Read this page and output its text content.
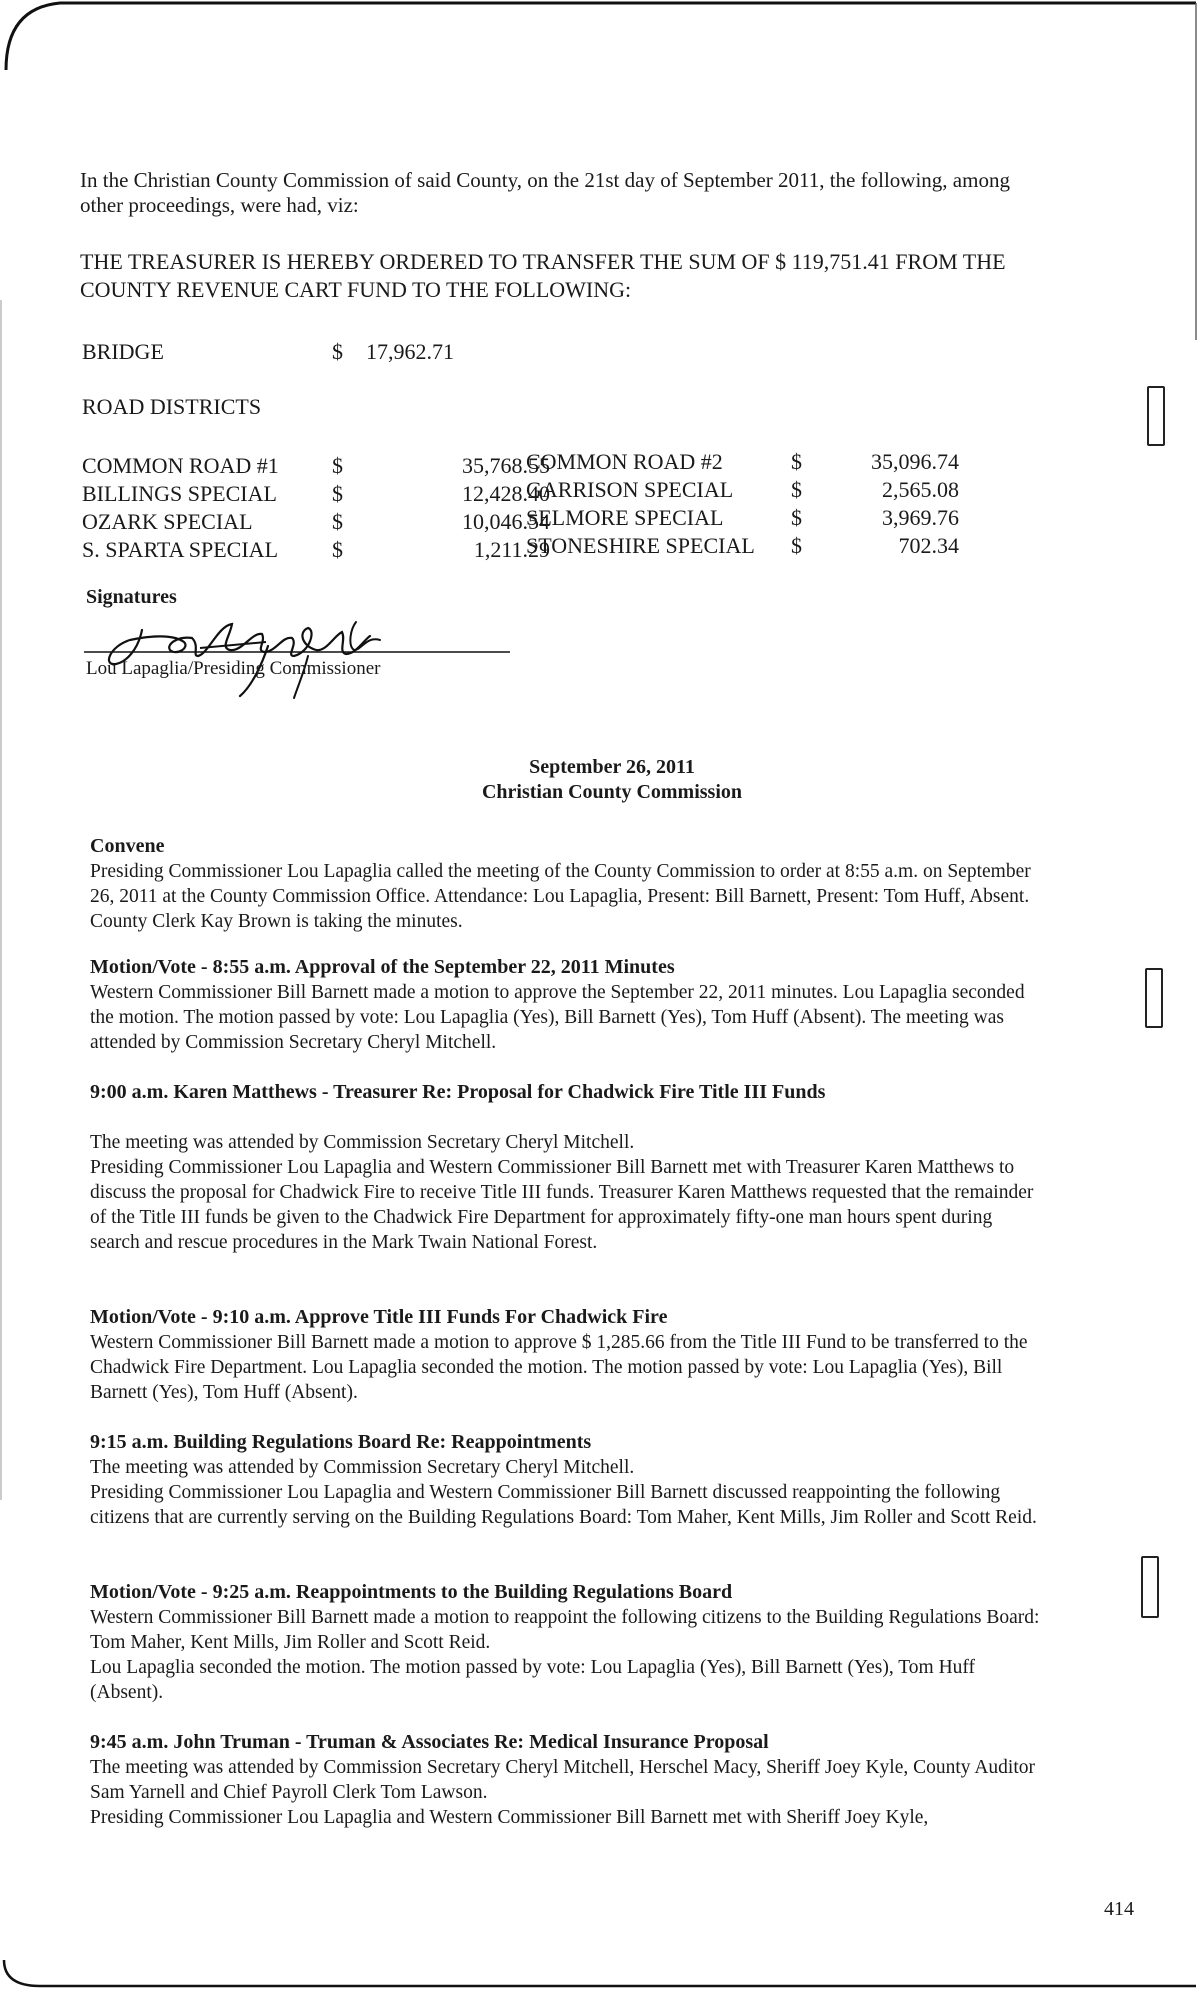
In the Christian County Commission of said County, on the 21st day of September 2011, the following, among other proceedings, were had, viz:
THE TREASURER IS HEREBY ORDERED TO TRANSFER THE SUM OF $ 119,751.41 FROM THE COUNTY REVENUE CART FUND TO THE FOLLOWING:
BRIDGE	$	17,962.71
ROAD DISTRICTS
COMMON ROAD #1 $	35,768.55
BILLINGS SPECIAL	$	12,428.40
OZARK SPECIAL	$	10,046.54
S. SPARTA SPECIAL $	1,211.29
COMMON ROAD #2	$	35,096.74
GARRISON SPECIAL	$	2,565.08
SELMORE SPECIAL	$	3,969.76
STONESHIRE SPECIAL $	702.34
Signatures
Lou Lapaglia/Presiding Commissioner
September 26, 2011
Christian County Commission
Convene

Presiding Commissioner Lou Lapaglia called the meeting of the County Commission to order at 8:55 a.m. on September 26, 2011 at the County Commission Office. Attendance: Lou Lapaglia, Present: Bill Barnett, Present: Tom Huff, Absent. County Clerk Kay Brown is taking the minutes.

Motion/Vote - 8:55 a.m. Approval of the September 22, 2011 Minutes

Western Commissioner Bill Barnett made a motion to approve the September 22, 2011 minutes. Lou Lapaglia seconded the motion. The motion passed by vote: Lou Lapaglia (Yes), Bill Barnett (Yes), Tom Huff (Absent). The meeting was attended by Commission Secretary Cheryl Mitchell.

9:00 a.m. Karen Matthews - Treasurer Re: Proposal for Chadwick Fire Title III Funds

The meeting was attended by Commission Secretary Cheryl Mitchell.

Presiding Commissioner Lou Lapaglia and Western Commissioner Bill Barnett met with Treasurer Karen Matthews to discuss the proposal for Chadwick Fire to receive Title III funds. Treasurer Karen Matthews requested that the remainder of the Title III funds be given to the Chadwick Fire Department for approximately fifty-one man hours spent during search and rescue procedures in the Mark Twain National Forest.

Motion/Vote - 9:10 a.m. Approve Title III Funds For Chadwick Fire

Western Commissioner Bill Barnett made a motion to approve $ 1,285.66 from the Title III Fund to be transferred to the Chadwick Fire Department. Lou Lapaglia seconded the motion. The motion passed by vote: Lou Lapaglia (Yes), Bill Barnett (Yes), Tom Huff (Absent).

9:15 a.m. Building Regulations Board Re: Reappointments

The meeting was attended by Commission Secretary Cheryl Mitchell.

Presiding Commissioner Lou Lapaglia and Western Commissioner Bill Barnett discussed reappointing the following citizens that are currently serving on the Building Regulations Board: Tom Maher, Kent Mills, Jim Roller and Scott Reid.

Motion/Vote - 9:25 a.m. Reappointments to the Building Regulations Board

Western Commissioner Bill Barnett made a motion to reappoint the following citizens to the Building Regulations Board: Tom Maher, Kent Mills, Jim Roller and Scott Reid.

Lou Lapaglia seconded the motion. The motion passed by vote: Lou Lapaglia (Yes), Bill Barnett (Yes), Tom Huff (Absent).

9:45 a.m. John Truman - Truman & Associates Re: Medical Insurance Proposal

The meeting was attended by Commission Secretary Cheryl Mitchell, Herschel Macy, Sheriff Joey Kyle, County Auditor Sam Yarnell and Chief Payroll Clerk Tom Lawson.

Presiding Commissioner Lou Lapaglia and Western Commissioner Bill Barnett met with Sheriff Joey Kyle,

414
